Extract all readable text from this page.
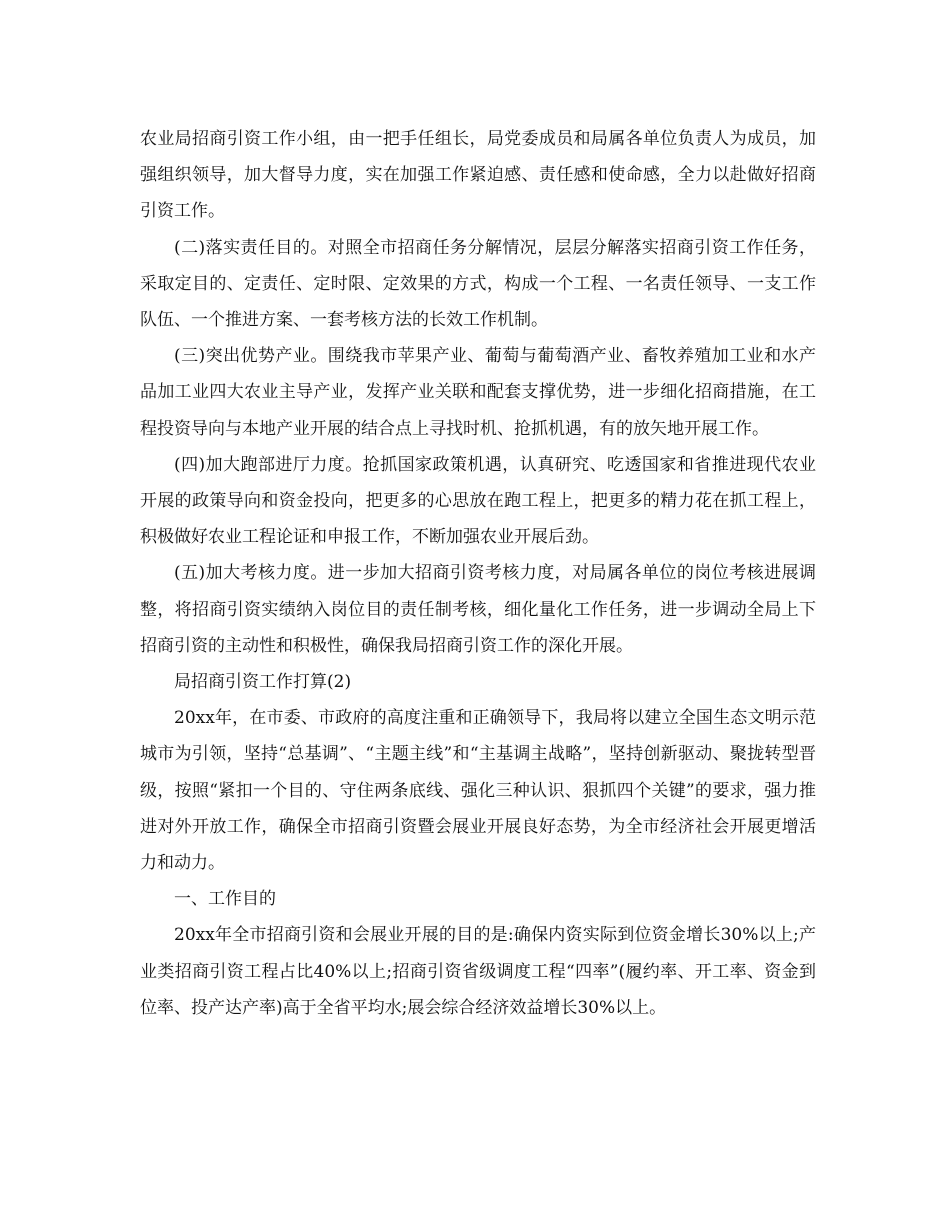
农业局招商引资工作小组，由一把手任组长，局党委成员和局属各单位负责人为成员，加强组织领导，加大督导力度，实在加强工作紧迫感、责任感和使命感，全力以赴做好招商引资工作。

(二)落实责任目的。对照全市招商任务分解情况，层层分解落实招商引资工作任务，采取定目的、定责任、定时限、定效果的方式，构成一个工程、一名责任领导、一支工作队伍、一个推进方案、一套考核方法的长效工作机制。

(三)突出优势产业。围绕我市苹果产业、葡萄与葡萄酒产业、畜牧养殖加工业和水产品加工业四大农业主导产业，发挥产业关联和配套支撑优势，进一步细化招商措施，在工程投资导向与本地产业开展的结合点上寻找时机、抢抓机遇，有的放矢地开展工作。

(四)加大跑部进厅力度。抢抓国家政策机遇，认真研究、吃透国家和省推进现代农业开展的政策导向和资金投向，把更多的心思放在跑工程上，把更多的精力花在抓工程上，积极做好农业工程论证和申报工作，不断加强农业开展后劲。

(五)加大考核力度。进一步加大招商引资考核力度，对局属各单位的岗位考核进展调整，将招商引资实绩纳入岗位目的责任制考核，细化量化工作任务，进一步调动全局上下招商引资的主动性和积极性，确保我局招商引资工作的深化开展。

局招商引资工作打算(2)

20xx年，在市委、市政府的高度注重和正确领导下，我局将以建立全国生态文明示范城市为引领，坚持“总基调”、“主题主线”和“主基调主战略”，坚持创新驱动、聚拢转型晋级，按照“紧扣一个目的、守住两条底线、强化三种认识、狠抓四个关键”的要求，强力推进对外开放工作，确保全市招商引资暨会展业开展良好态势，为全市经济社会开展更增活力和动力。

一、工作目的

20xx年全市招商引资和会展业开展的目的是:确保内资实际到位资金增长30%以上;产业类招商引资工程占比40%以上;招商引资省级调度工程“四率”(履约率、开工率、资金到位率、投产达产率)高于全省平均水;展会综合经济效益增长30%以上。
